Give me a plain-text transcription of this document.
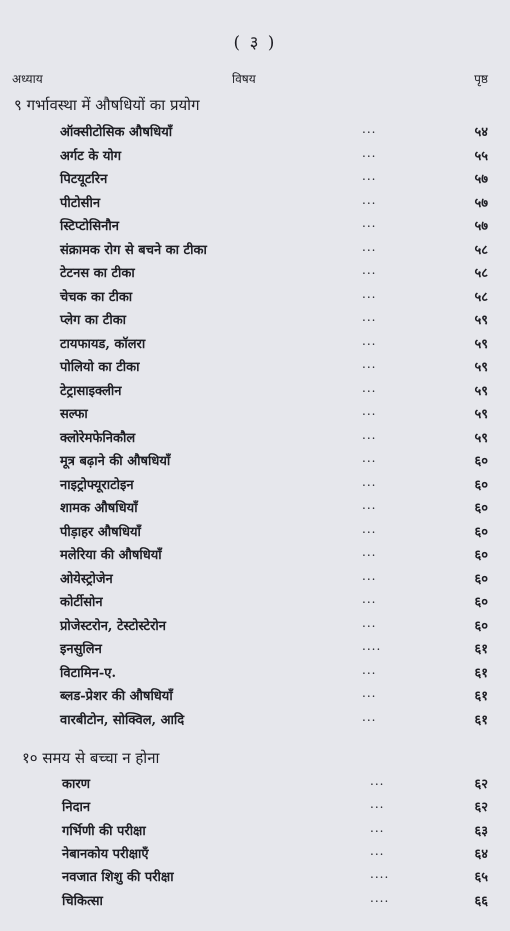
( ३ )
अध्याय	विषय	पृष्ठ
९ गर्भावस्था में औषधियों का प्रयोग
ऑक्सीटोसिक औषधियाँ	...	५४
अर्गट के योग	...	५५
पिटयूटरिन	...	५७
पीटोसीन	...	५७
स्टिप्टोसिनौन	...	५७
संक्रामक रोग से बचने का टीका	...	५८
टेटनस का टीका	...	५८
चेचक का टीका	...	५८
प्लेग का टीका	...	५९
टायफायड, कॉलरा	...	५९
पोलियो का टीका	...	५९
टेट्रासाइक्लीन	...	५९
सल्फा	...	५९
क्लोरेमफेनिकौल	...	५९
मूत्र बढ़ाने की औषधियाँ	...	६०
नाइट्रोफ्यूराटोइन	...	६०
शामक औषधियाँ	...	६०
पीड़ाहर औषधियाँ	...	६०
मलेरिया की औषधियाँ	...	६०
ओयेस्ट्रोजेन	...	६०
कोर्टीसोन	...	६०
प्रोजेस्टरोन, टेस्टोस्टेरोन	...	६०
इनसुलिन	....	६१
विटामिन-ए.	...	६१
ब्लड-प्रेशर की औषधियाँ	...	६१
वारबीटोन, सोक्विल, आदि	...	६१
१० समय से बच्चा न होना
कारण	...	६२
निदान	...	६२
गर्भिणी की परीक्षा	...	६३
नेबानकोय परीक्षाएँ	...	६४
नवजात शिशु की परीक्षा	....	६५
चिकित्सा	....	६६
